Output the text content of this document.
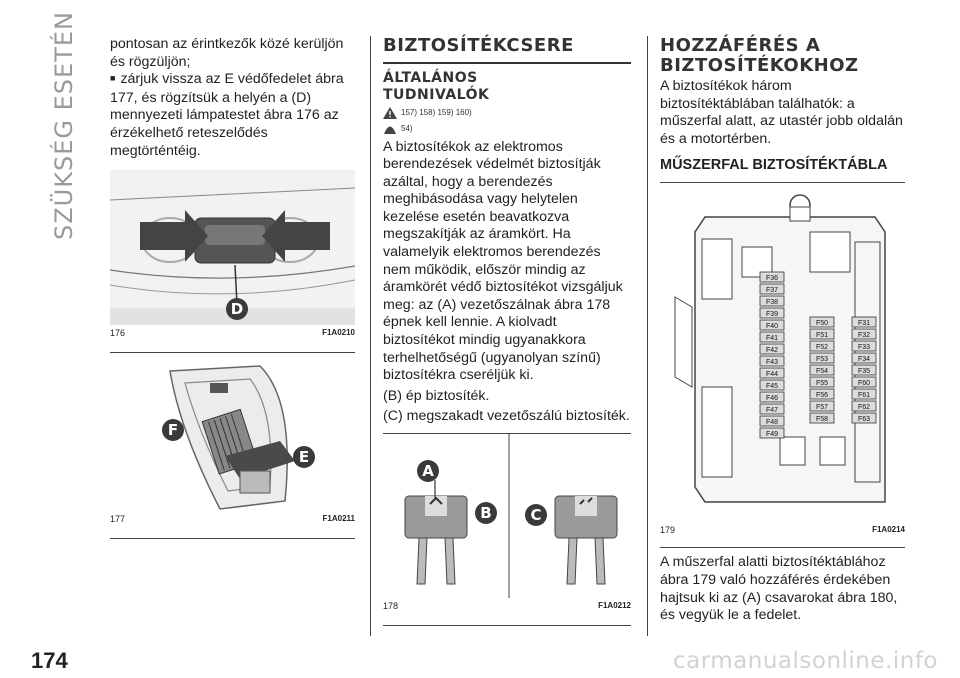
SZÜKSÉG ESETÉN
174	carmanualsonline.info

pontosan az érintkezők közé kerüljön és rögzüljön;

■ zárjuk vissza az E védőfedelet ábra 177, és rögzítsük a helyén a (D) mennyezeti lámpatestet ábra 176 az érzékelhető reteszelődés megtörténtéig.

D
176	F1A0210
F
E
177	F1A0211
BIZTOSÍTÉKCSERE
ÁLTALÁNOS TUDNIVALÓK
157) 158) 159) 160)
54)

A biztosítékok az elektromos berendezések védelmét biztosítják azáltal, hogy a berendezés meghibásodása vagy helytelen kezelése esetén beavatkozva megszakítják az áramkört. Ha valamelyik elektromos berendezés nem működik, először mindig az áramkörét védő biztosítékot vizsgáljuk meg: az (A) vezetőszálnak ábra 178 épnek kell lennie. A kiolvadt biztosítékot mindig ugyanakkora terhelhetőségű (ugyanolyan színű) biztosítékra cseréljük ki.

(B) ép biztosíték.

(C) megszakadt vezetőszálú biztosíték.

A
B	C
178	F1A0212
HOZZÁFÉRÉS A BIZTOSÍTÉKOKHOZ

A biztosítékok három biztosítéktáblában találhatók: a műszerfal alatt, az utastér jobb oldalán és a motortérben.

MŰSZERFAL BIZTOSÍTÉKTÁBLA
F36
F37
F38
F39
F40
F41
F42
F43
F44
F45
F46
F47
F48
F49
F50
F51
F52
F53
F54
F55
F56
F57
F58
F31
F32
F33
F34
F35
F60
F61
F62
F63
179	F1A0214

A műszerfal alatti biztosítéktáblához ábra 179 való hozzáférés érdekében hajtsuk ki az (A) csavarokat ábra 180, és vegyük le a fedelet.
